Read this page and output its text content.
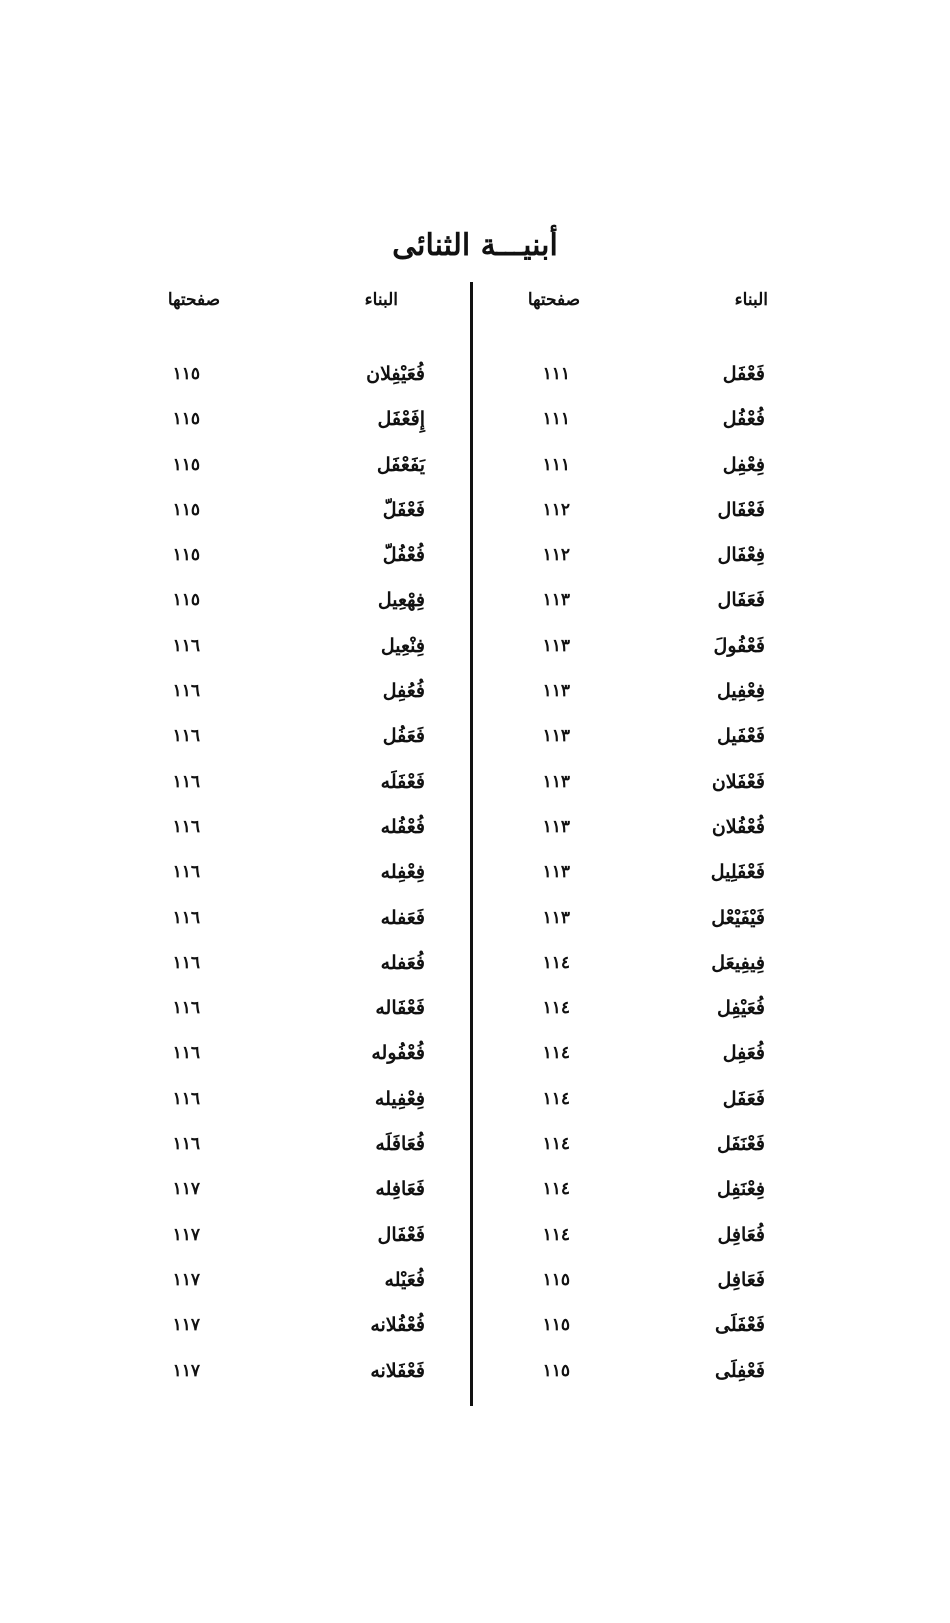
أبنيـــة الثنائى
البناء
صفحتها
البناء
صفحتها
فَعْفَل
فُعْفُل
فِعْفِل
فَعْفَال
فِعْفَال
فَعَفَال
فَعْفُولَ
فِعْفِيل
فَعْفَيل
فَعْفَلان
فُعْفُلان
فَعْفَلِيل
فَيْفَيْعْل
فِيفِيعَل
فُعَيْفِل
فُعَفِل
فَعَفَل
فَعْنَفَل
فِعْنَفِل
فُعَافِل
فَعَافِل
فَعْفَلَى
فَعْفِلَى
١١١
١١١
١١١
١١٢
١١٢
١١٣
١١٣
١١٣
١١٣
١١٣
١١٣
١١٣
١١٣
١١٤
١١٤
١١٤
١١٤
١١٤
١١٤
١١٤
١١٥
١١٥
١١٥
فُعَيْفِلان
إِفَعْفَل
يَفَعْفَل
فَعْفَلّ
فُعْفُلّ
فِهْعِيل
فِنْعِيل
فُعُفِل
فَعَفُل
فَعْفَلَه
فُعْفُله
فِعْفِله
فَعَفله
فُعَفله
فَعْفَاله
فُعْفُوله
فِعْفِيله
فُعَافَلَه
فَعَافِله
فَعْفَال
فُعَيْله
فُعْفُلانه
فَعْفَلانه
١١٥
١١٥
١١٥
١١٥
١١٥
١١٥
١١٦
١١٦
١١٦
١١٦
١١٦
١١٦
١١٦
١١٦
١١٦
١١٦
١١٦
١١٦
١١٧
١١٧
١١٧
١١٧
١١٧
